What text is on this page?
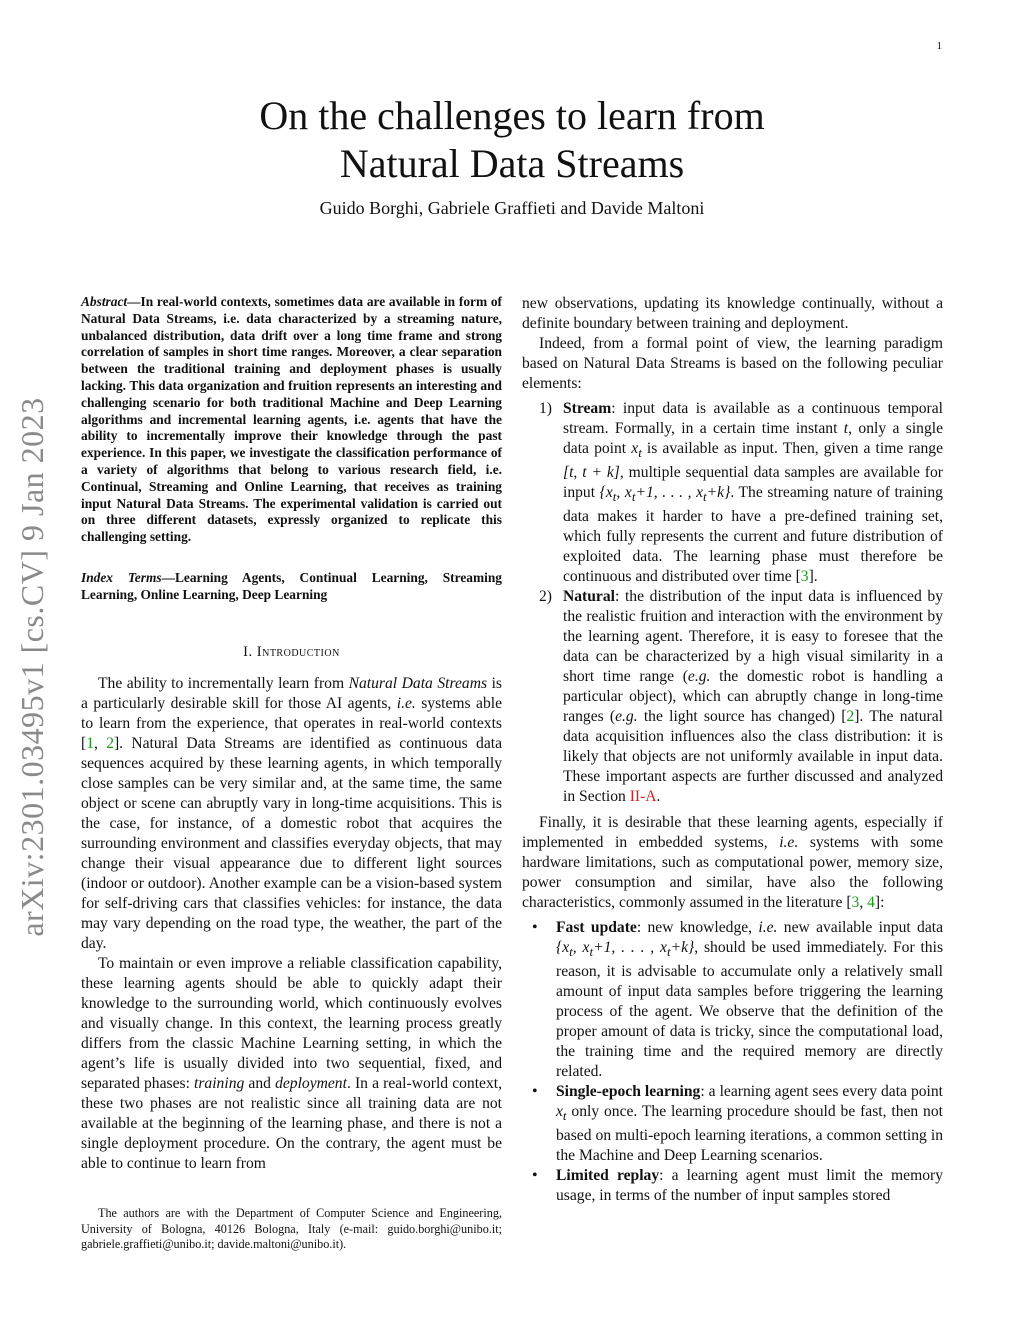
1
arXiv:2301.03495v1 [cs.CV] 9 Jan 2023
On the challenges to learn from
Natural Data Streams
Guido Borghi, Gabriele Graffieti and Davide Maltoni

Abstract—In real-world contexts, sometimes data are available in form of Natural Data Streams, i.e. data characterized by a streaming nature, unbalanced distribution, data drift over a long time frame and strong correlation of samples in short time ranges. Moreover, a clear separation between the traditional training and deployment phases is usually lacking. This data organization and fruition represents an interesting and challenging scenario for both traditional Machine and Deep Learning algorithms and incremental learning agents, i.e. agents that have the ability to incrementally improve their knowledge through the past experience. In this paper, we investigate the classification performance of a variety of algorithms that belong to various research field, i.e. Continual, Streaming and Online Learning, that receives as training input Natural Data Streams. The experimental validation is carried out on three different datasets, expressly organized to replicate this challenging setting.

Index Terms—Learning Agents, Continual Learning, Streaming Learning, Online Learning, Deep Learning

I. Introduction

The ability to incrementally learn from Natural Data Streams is a particularly desirable skill for those AI agents, i.e. systems able to learn from the experience, that operates in real-world contexts [1, 2]. Natural Data Streams are identified as continuous data sequences acquired by these learning agents, in which temporally close samples can be very similar and, at the same time, the same object or scene can abruptly vary in long-time acquisitions. This is the case, for instance, of a domestic robot that acquires the surrounding environment and classifies everyday objects, that may change their visual appearance due to different light sources (indoor or outdoor). Another example can be a vision-based system for self-driving cars that classifies vehicles: for instance, the data may vary depending on the road type, the weather, the part of the day.

To maintain or even improve a reliable classification capability, these learning agents should be able to quickly adapt their knowledge to the surrounding world, which continuously evolves and visually change. In this context, the learning process greatly differs from the classic Machine Learning setting, in which the agent’s life is usually divided into two sequential, fixed, and separated phases: training and deployment. In a real-world context, these two phases are not realistic since all training data are not available at the beginning of the learning phase, and there is not a single deployment procedure. On the contrary, the agent must be able to continue to learn from

The authors are with the Department of Computer Science and Engineering, University of Bologna, 40126 Bologna, Italy (e-mail: guido.borghi@unibo.it; gabriele.graffieti@unibo.it; davide.maltoni@unibo.it).

new observations, updating its knowledge continually, without a definite boundary between training and deployment.

Indeed, from a formal point of view, the learning paradigm based on Natural Data Streams is based on the following peculiar elements:

1) Stream: input data is available as a continuous temporal stream. Formally, in a certain time instant t, only a single data point $x_t$ is available as input. Then, given a time range [t, t + k], multiple sequential data samples are available for input {$x_t$, $x_t+1$, . . . , $x_t+k$}. The streaming nature of training data makes it harder to have a pre-defined training set, which fully represents the current and future distribution of exploited data. The learning phase must therefore be continuous and distributed over time [3].

2) Natural: the distribution of the input data is influenced by the realistic fruition and interaction with the environment by the learning agent. Therefore, it is easy to foresee that the data can be characterized by a high visual similarity in a short time range (e.g. the domestic robot is handling a particular object), which can abruptly change in long-time ranges (e.g. the light source has changed) [2]. The natural data acquisition influences also the class distribution: it is likely that objects are not uniformly available in input data. These important aspects are further discussed and analyzed in Section II-A.

Finally, it is desirable that these learning agents, especially if implemented in embedded systems, i.e. systems with some hardware limitations, such as computational power, memory size, power consumption and similar, have also the following characteristics, commonly assumed in the literature [3, 4]:

• Fast update: new knowledge, i.e. new available input data {$x_t$, $x_t+1$, . . . , $x_t+k$}, should be used immediately. For this reason, it is advisable to accumulate only a relatively small amount of input data samples before triggering the learning process of the agent. We observe that the definition of the proper amount of data is tricky, since the computational load, the training time and the required memory are directly related.

• Single-epoch learning: a learning agent sees every data point $x_t$ only once. The learning procedure should be fast, then not based on multi-epoch learning iterations, a common setting in the Machine and Deep Learning scenarios.

• Limited replay: a learning agent must limit the memory usage, in terms of the number of input samples stored
